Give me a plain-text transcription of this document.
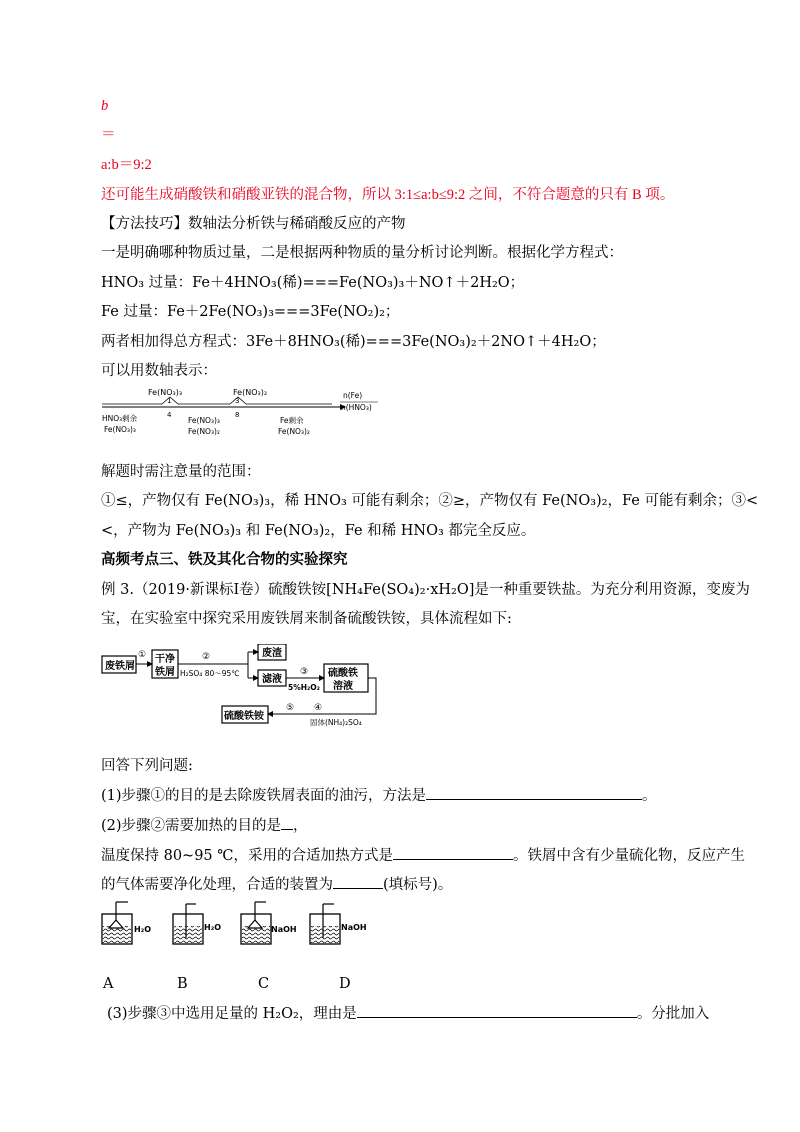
b
＝
a:b＝9:2
还可能生成硝酸铁和硝酸亚铁的混合物，所以 3:1≤a:b≤9:2 之间，不符合题意的只有 B 项。
【方法技巧】数轴法分析铁与稀硝酸反应的产物
一是明确哪种物质过量，二是根据两种物质的量分析讨论判断。根据化学方程式：
HNO₃ 过量：Fe＋4HNO₃(稀)===Fe(NO₃)₃＋NO↑＋2H₂O；
Fe 过量：Fe＋2Fe(NO₃)₃===3Fe(NO₂)₂；
两者相加得总方程式：3Fe＋8HNO₃(稀)===3Fe(NO₃)₂＋2NO↑＋4H₂O；
可以用数轴表示：
Fe(NO₃)₃	Fe(NO₃)₂
1
4
3
8
n(Fe)
n(HNO₃)
HNO₃剩余
Fe(NO₃)₃
Fe(NO₃)₃
Fe(NO₃)₂
Fe剩余
Fe(NO₃)₂
解题时需注意量的范围：
①≤，产物仅有 Fe(NO₃)₃，稀 HNO₃ 可能有剩余；②≥，产物仅有 Fe(NO₃)₂，Fe 可能有剩余；③<
<，产物为 Fe(NO₃)₃ 和 Fe(NO₃)₂，Fe 和稀 HNO₃ 都完全反应。
高频考点三、铁及其化合物的实验探究
例 3.（2019·新课标Ⅰ卷）硫酸铁铵[NH₄Fe(SO₄)₂·xH₂O]是一种重要铁盐。为充分利用资源，变废为
宝，在实验室中探究采用废铁屑来制备硫酸铁铵，具体流程如下:
废铁屑
① 干净
铁屑
②
H₂SO₄ 80～95℃
废渣
滤液
③
5%H₂O₂
硫酸铁
溶液
④
固体(NH₄)₂SO₄
⑤
硫酸铁铵
回答下列问题:
(1)步骤①的目的是去除废铁屑表面的油污，方法是	。
(2)步骤②需要加热的目的是 ，
温度保持 80~95 ℃，采用的合适加热方式是	。铁屑中含有少量硫化物，反应产生
的气体需要净化处理，合适的装置为	(填标号)。
H₂O	H₂O	NaOH	NaOH
A	B	C	D
(3)步骤③中选用足量的 H₂O₂，理由是	。分批加入
